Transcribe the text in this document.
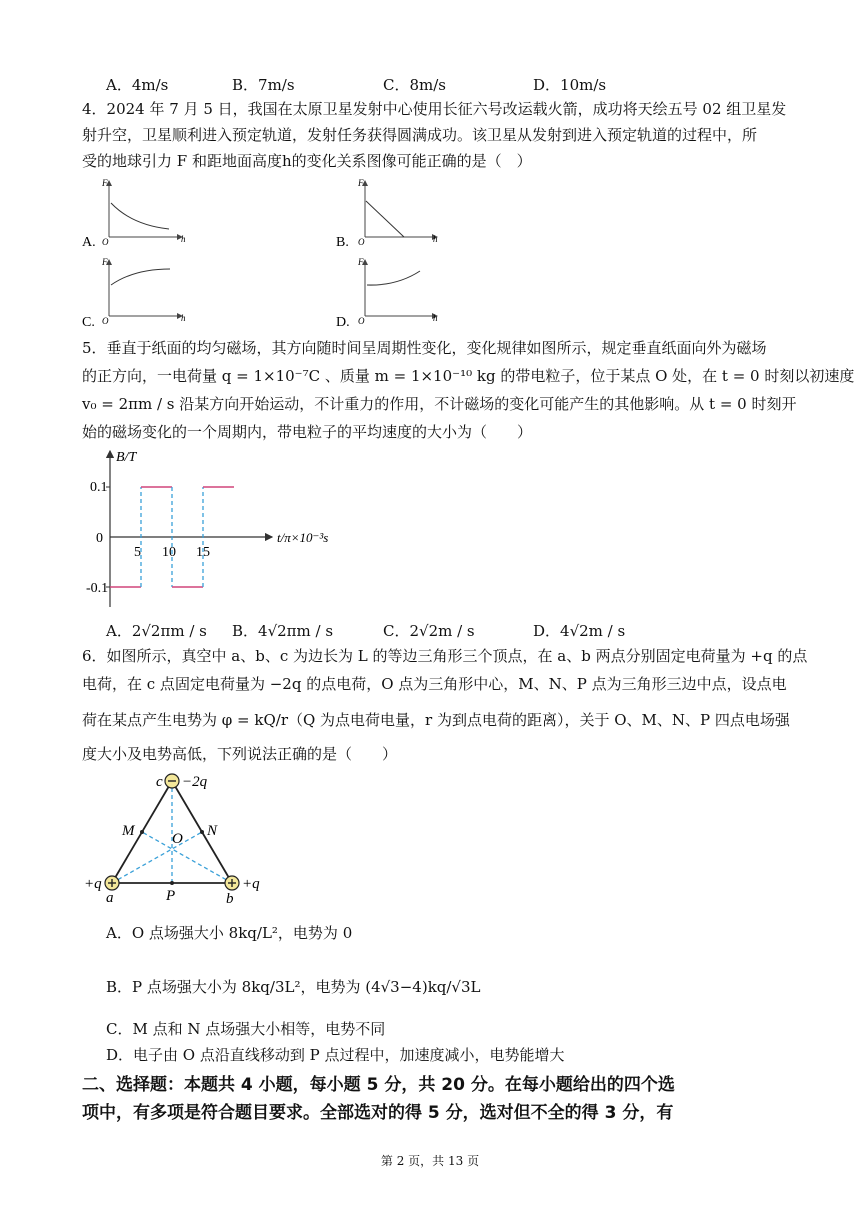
A．4m/s	B．7m/s	C．8m/s	D．10m/s
4．2024 年 7 月 5 日，我国在太原卫星发射中心使用长征六号改运载火箭，成功将天绘五号 02 组卫星发
射升空，卫星顺利进入预定轨道，发射任务获得圆满成功。该卫星从发射到进入预定轨道的过程中，所
受的地球引力 F 和距地面高度h的变化关系图像可能正确的是（　）
A.
F
h
O	B.
F
h
O
C.
F
h
O	D.
F
h
O
5．垂直于纸面的均匀磁场，其方向随时间呈周期性变化，变化规律如图所示，规定垂直纸面向外为磁场
的正方向，一电荷量 q = 1×10⁻⁷C 、质量 m = 1×10⁻¹⁰ kg 的带电粒子，位于某点 O 处，在 t = 0 时刻以初速度
v₀ = 2πm / s 沿某方向开始运动，不计重力的作用，不计磁场的变化可能产生的其他影响。从 t = 0 时刻开
始的磁场变化的一个周期内，带电粒子的平均速度的大小为（　　）
B/T
t/π×10⁻³s
0.1
0
-0.1
5 10 15
A．2√2πm / s B．4√2πm / s	C．2√2m / s	D．4√2m / s
6．如图所示，真空中 a、b、c 为边长为 L 的等边三角形三个顶点，在 a、b 两点分别固定电荷量为 +q 的点
电荷，在 c 点固定电荷量为 −2q 的点电荷，O 点为三角形中心，M、N、P 点为三角形三边中点，设点电
荷在某点产生电势为 φ = kQ/r（Q 为点电荷电量，r 为到点电荷的距离），关于 O、M、N、P 四点电场强
度大小及电势高低，下列说法正确的是（　　）
c −2q
M	N
O
P
+q
a
+q
b
A．O 点场强大小 8kq/L²，电势为 0
B．P 点场强大小为 8kq/3L²，电势为 (4√3−4)kq/√3L
C．M 点和 N 点场强大小相等，电势不同
D．电子由 O 点沿直线移动到 P 点过程中，加速度减小，电势能增大
二、选择题：本题共 4 小题，每小题 5 分，共 20 分。在每小题给出的四个选
项中，有多项是符合题目要求。全部选对的得 5 分，选对但不全的得 3 分，有
第 2 页，共 13 页
